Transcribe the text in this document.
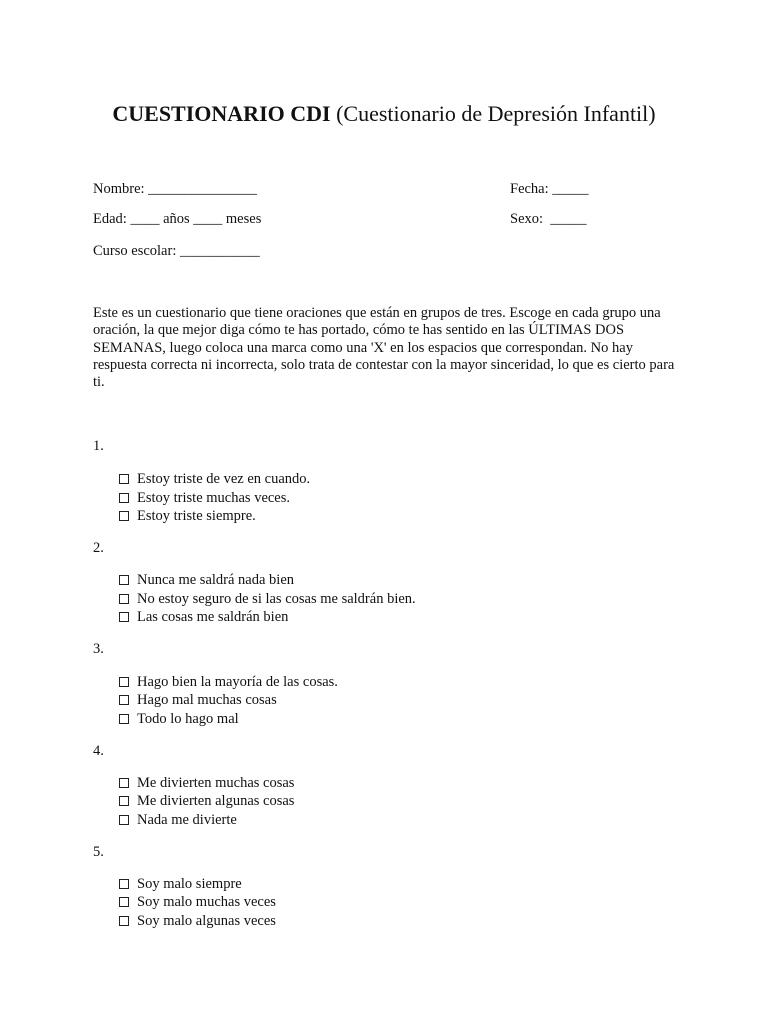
CUESTIONARIO CDI (Cuestionario de Depresión Infantil)
Nombre: _______________	Fecha: _____
Edad: ____ años ____ meses	Sexo:  _____
Curso escolar: ___________
Este es un cuestionario que tiene oraciones que están en grupos de tres. Escoge en cada grupo una oración, la que mejor diga cómo te has portado, cómo te has sentido en las ÚLTIMAS DOS SEMANAS, luego coloca una marca como una 'X' en los espacios que correspondan. No hay respuesta correcta ni incorrecta, solo trata de contestar con la mayor sinceridad, lo que es cierto para ti.
1.
Estoy triste de vez en cuando.
Estoy triste muchas veces.
Estoy triste siempre.
2.
Nunca me saldrá nada bien
No estoy seguro de si las cosas me saldrán bien.
Las cosas me saldrán bien
3.
Hago bien la mayoría de las cosas.
Hago mal muchas cosas
Todo lo hago mal
4.
Me divierten muchas cosas
Me divierten algunas cosas
Nada me divierte
5.
Soy malo siempre
Soy malo muchas veces
Soy malo algunas veces
